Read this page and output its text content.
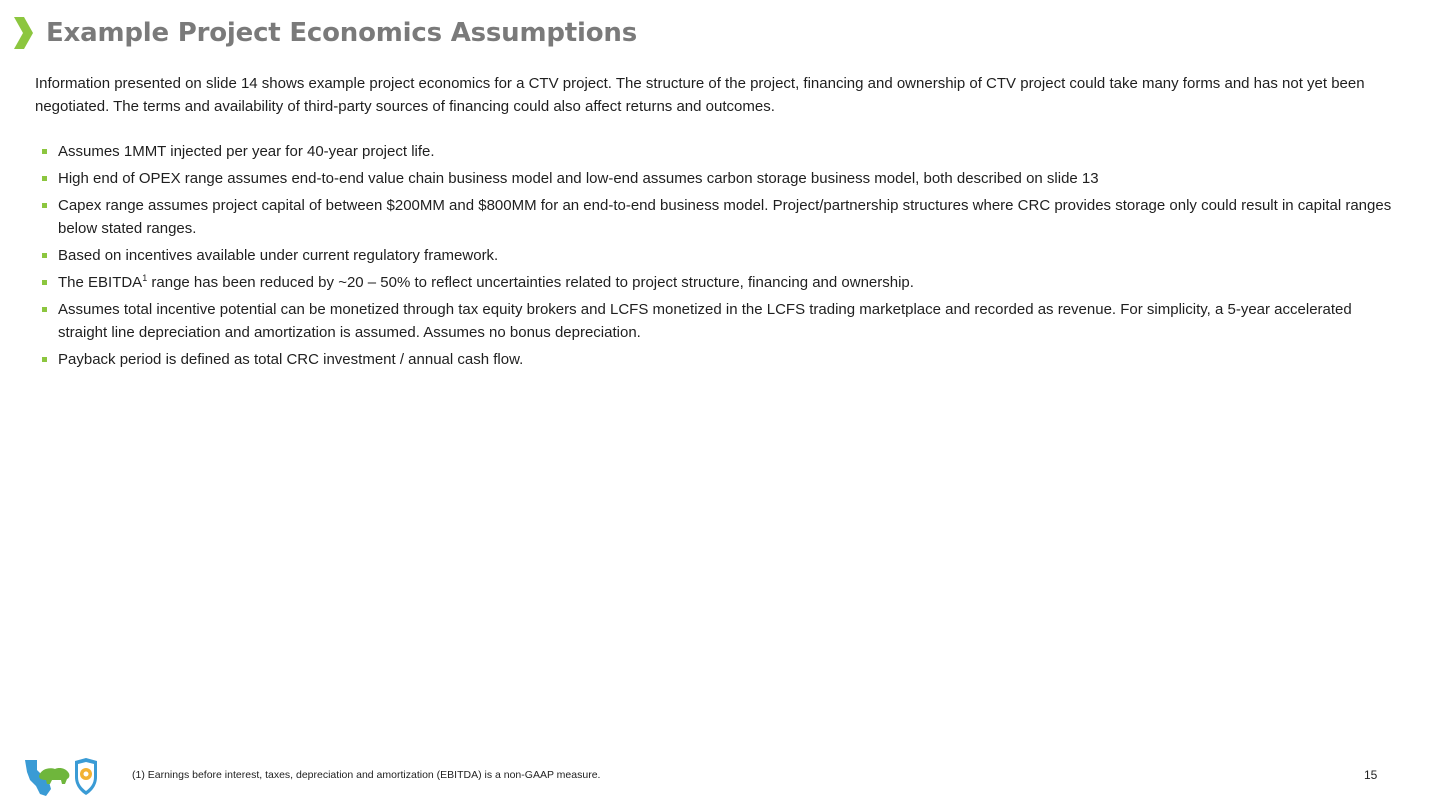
Example Project Economics Assumptions
Information presented on slide 14 shows example project economics for a CTV project. The structure of the project, financing and ownership of CTV project could take many forms and has not yet been negotiated. The terms and availability of third-party sources of financing could also affect returns and outcomes.
Assumes 1MMT injected per year for 40-year project life.
High end of OPEX range assumes end-to-end value chain business model and low-end assumes carbon storage business model, both described on slide 13
Capex range assumes project capital of between $200MM and $800MM for an end-to-end business model. Project/partnership structures where CRC provides storage only could result in capital ranges below stated ranges.
Based on incentives available under current regulatory framework.
The EBITDA$^1$ range has been reduced by ~20 – 50% to reflect uncertainties related to project structure, financing and ownership.
Assumes total incentive potential can be monetized through tax equity brokers and LCFS monetized in the LCFS trading marketplace and recorded as revenue. For simplicity, a 5-year accelerated straight line depreciation and amortization is assumed. Assumes no bonus depreciation.
Payback period is defined as total CRC investment / annual cash flow.
(1) Earnings before interest, taxes, depreciation and amortization (EBITDA) is a non-GAAP measure.	15
